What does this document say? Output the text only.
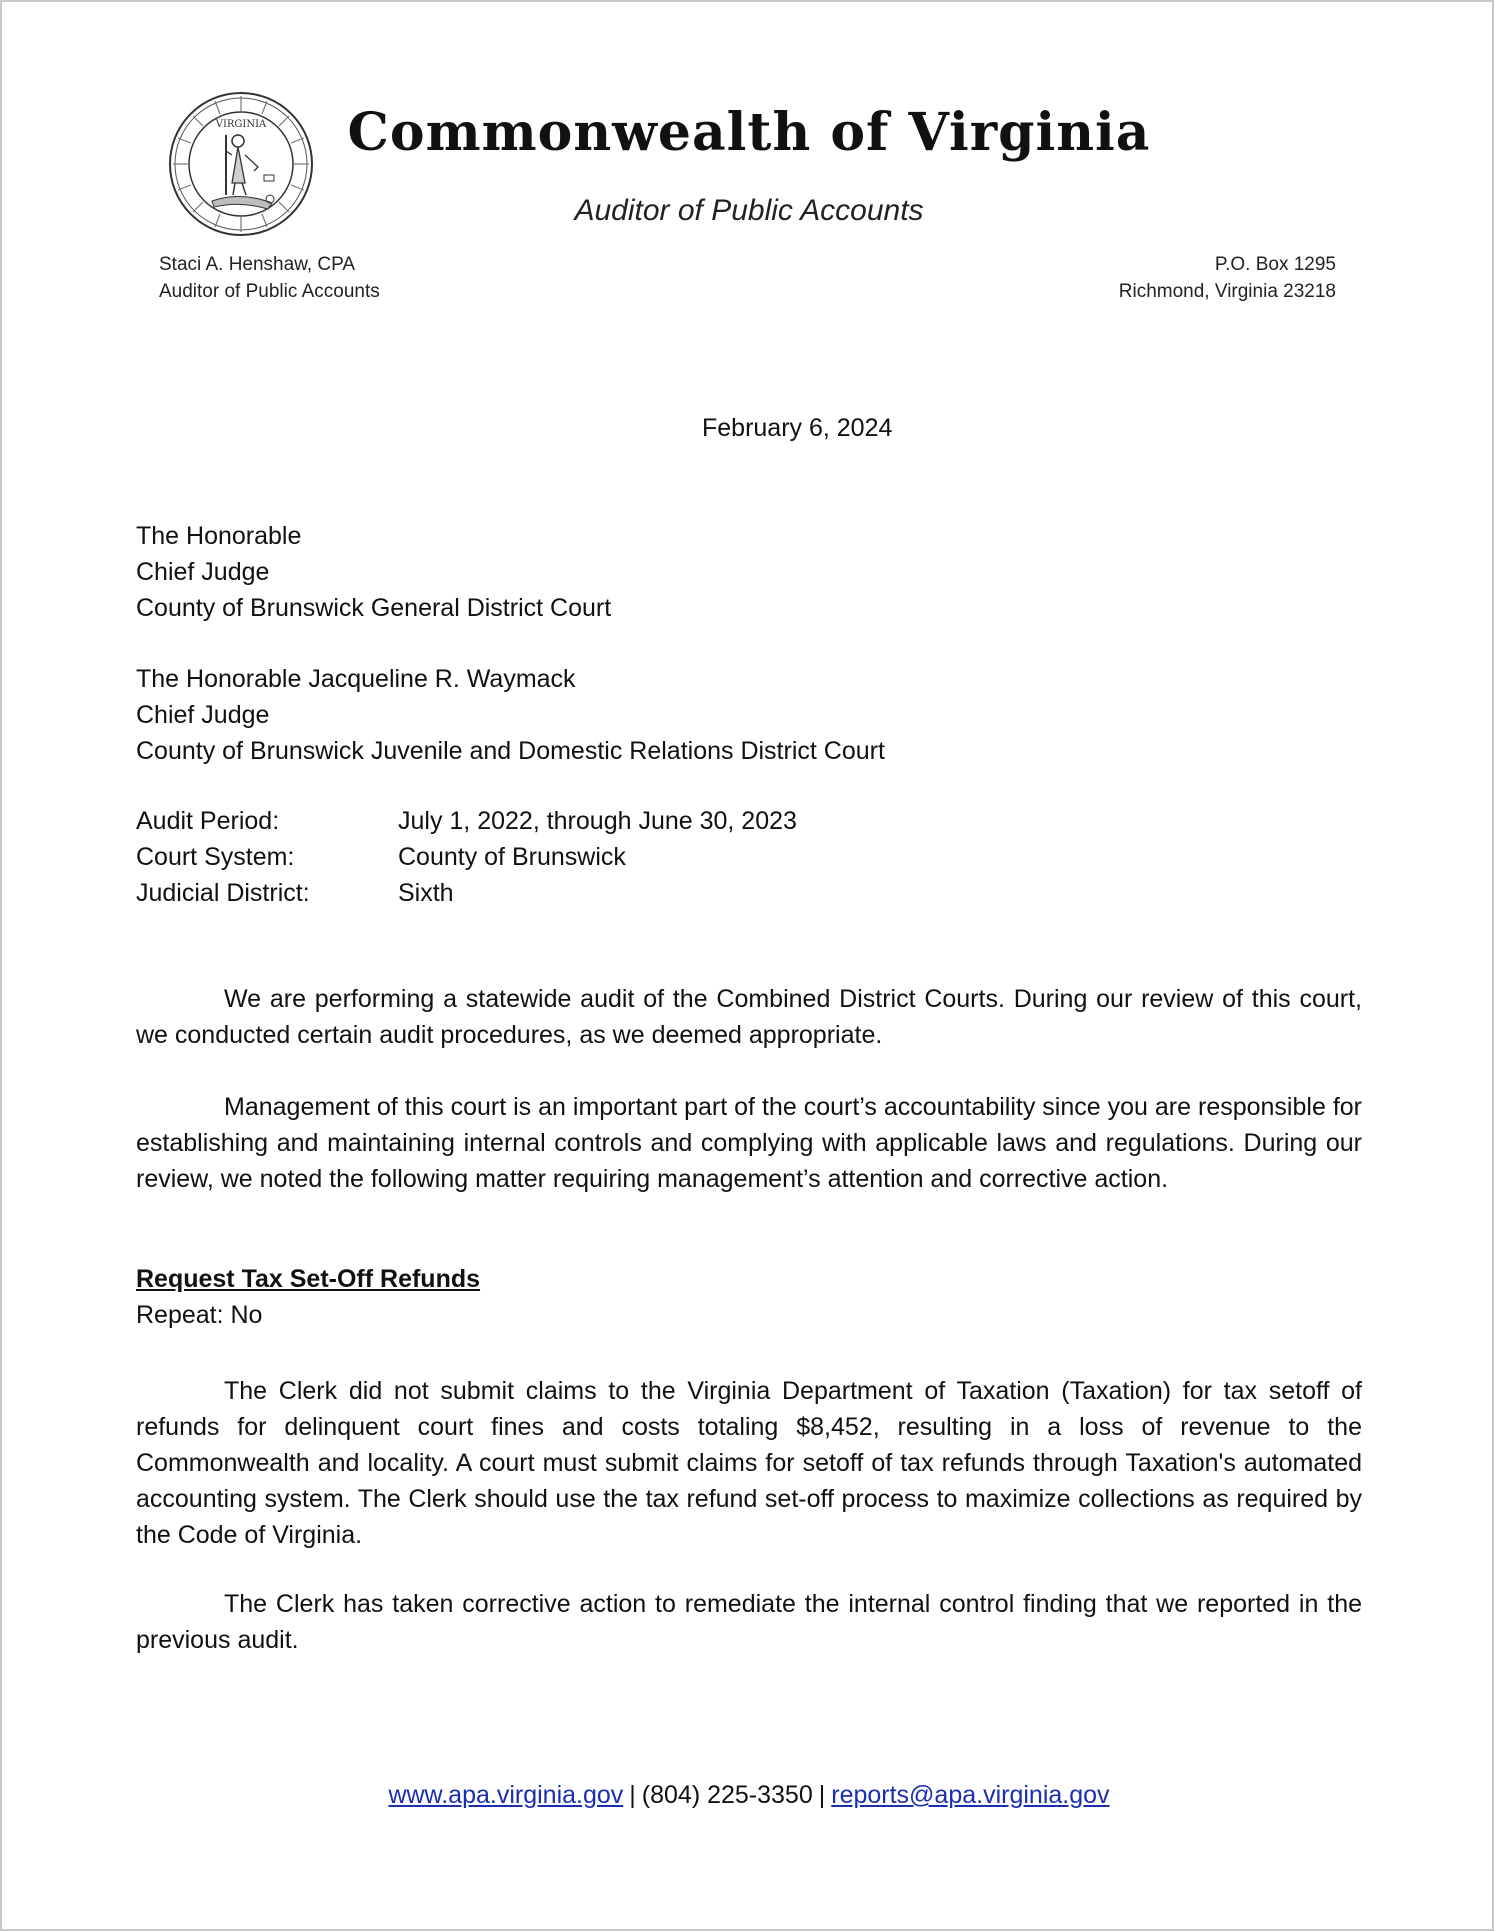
VIRGINIA	Commonwealth of Virginia
Auditor of Public Accounts
Staci A. Henshaw, CPA
Auditor of Public Accounts
P.O. Box 1295
Richmond, Virginia 23218
February 6, 2024
The Honorable
Chief Judge
County of Brunswick General District Court
The Honorable Jacqueline R. Waymack
Chief Judge
County of Brunswick Juvenile and Domestic Relations District Court
Audit Period:	July 1, 2022, through June 30, 2023
Court System:	County of Brunswick
Judicial District:	Sixth

We are performing a statewide audit of the Combined District Courts. During our review of this court, we conducted certain audit procedures, as we deemed appropriate.

Management of this court is an important part of the court’s accountability since you are responsible for establishing and maintaining internal controls and complying with applicable laws and regulations. During our review, we noted the following matter requiring management’s attention and corrective action.

Request Tax Set-Off Refunds
Repeat: No

The Clerk did not submit claims to the Virginia Department of Taxation (Taxation) for tax setoff of refunds for delinquent court fines and costs totaling $8,452, resulting in a loss of revenue to the Commonwealth and locality. A court must submit claims for setoff of tax refunds through Taxation's automated accounting system. The Clerk should use the tax refund set-off process to maximize collections as required by the Code of Virginia.

The Clerk has taken corrective action to remediate the internal control finding that we reported in the previous audit.

www.apa.virginia.gov | (804) 225-3350 | reports@apa.virginia.gov
